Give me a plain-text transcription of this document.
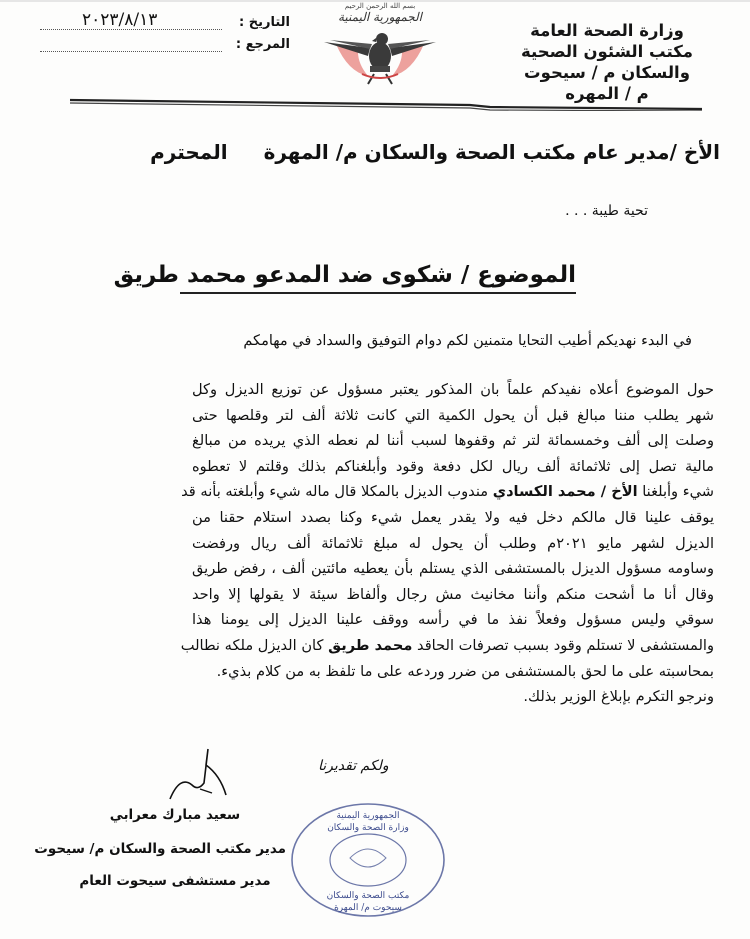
وزارة الصحة العامة
مكتب الشئون الصحية
والسكان م / سيحوت
م / المهره
بسم الله الرحمن الرحيم
الجمهورية اليمنية
التاريخ :
٢٠٢٣/٨/١٣
المرجع :
الأخ /مدير عام مكتب الصحة والسكان م/ المهرةالمحترم
تحية طيبة . . .
الموضوع / شكوى ضد المدعو محمد طريق
في البدء نهديكم أطيب التحايا متمنين لكم دوام التوفيق والسداد في مهامكم
حول الموضوع أعلاه نفيدكم علماً بان المذكور يعتبر مسؤول عن توزيع الديزل وكل
شهر يطلب مننا مبالغ قبل أن يحول الكمية التي كانت ثلاثة ألف لتر وقلصها حتى
وصلت إلى ألف وخمسمائة لتر ثم وقفوها لسبب أننا لم نعطه الذي يريده من مبالغ
مالية تصل إلى ثلاثمائة ألف ريال لكل دفعة وقود وأبلغناكم بذلك وقلتم لا تعطوه
شيء وأبلغنا الأخ / محمد الكسادي مندوب الديزل بالمكلا قال ماله شيء وأبلغته بأنه قد
يوقف علينا قال مالكم دخل فيه ولا يقدر يعمل شيء وكنا بصدد استلام حقنا من
الديزل لشهر مايو ٢٠٢١م وطلب أن يحول له مبلغ ثلاثمائة ألف ريال ورفضت
وساومه مسؤول الديزل بالمستشفى الذي يستلم بأن يعطيه مائتين ألف ، رفض طريق
وقال أنا ما أشحت منكم وأننا مخانيث مش رجال وألفاظ سيئة لا يقولها إلا واحد
سوقي وليس مسؤول وفعلاً نفذ ما في رأسه ووقف علينا الديزل إلى يومنا هذا
والمستشفى لا تستلم وقود بسبب تصرفات الحاقد محمد طريق كان الديزل ملكه نطالب
بمحاسبته على ما لحق بالمستشفى من ضرر وردعه على ما تلفظ به من كلام بذيء.
ونرجو التكرم بإبلاغ الوزير بذلك.
ولكم تقديرنا
سعيد مبارك معرابي
مدير مكتب الصحة والسكان م/ سيحوت
مدير مستشفى سيحوت العام
الجمهورية اليمنية
وزارة الصحة والسكان
مكتب الصحة والسكان
سيحوت م/ المهرة
